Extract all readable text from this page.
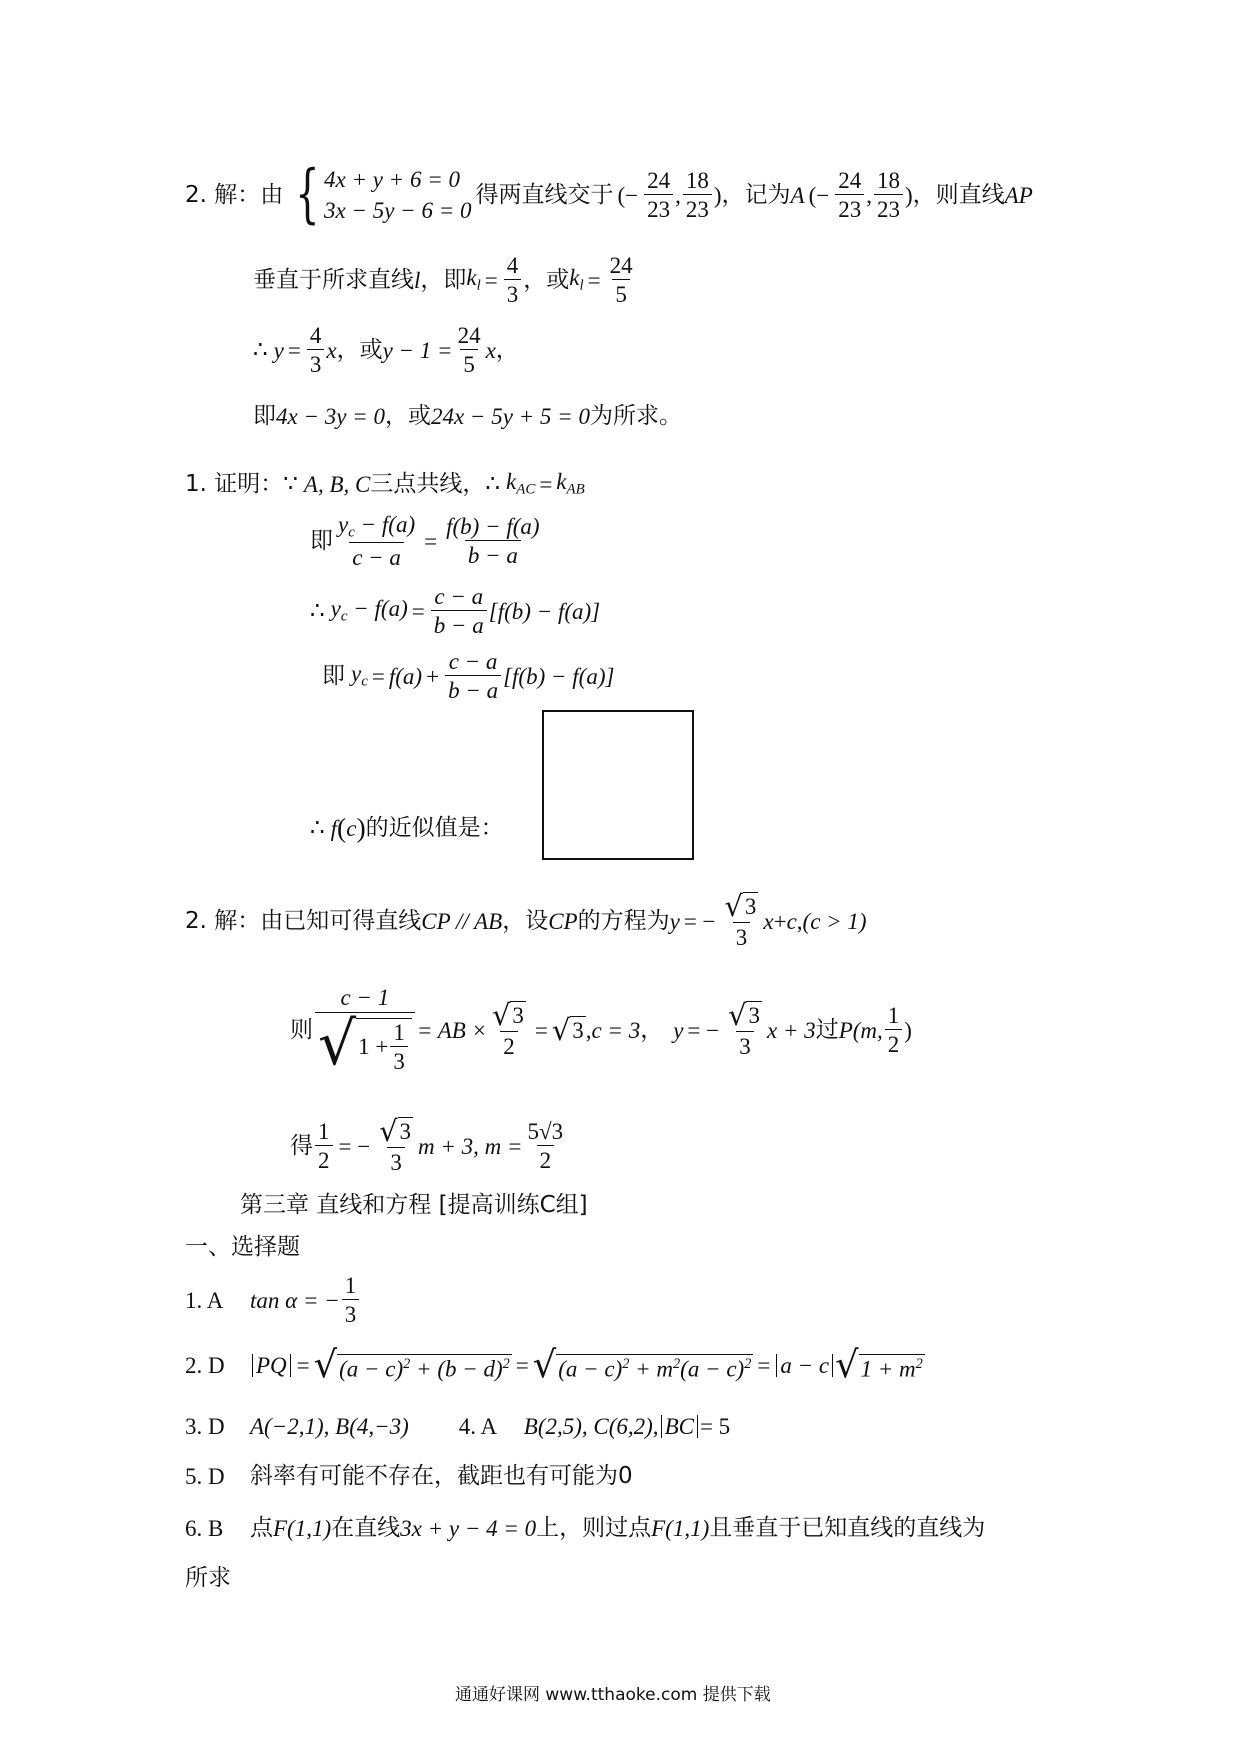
2. 解：由 { 4x + y + 6 = 0
3x − 5y − 6 = 0
得两直线交于 (− $\frac{24}{23}$ , $\frac{18}{23}$ ) ，记为 A (− $\frac{24}{23}$ , $\frac{18}{23}$ ) ，则直线 AP
垂直于所求直线 l ，即 $k_l = \frac{4}{3}$ ，或 $k_l = \frac{24}{5}$
∴ $y = \frac{4}{3}$ x ，或 $y - 1 = \frac{24}{5}$ x ，
即 4x − 3y = 0 ，或 24x − 5y + 5 = 0 为所求。
1. 证明： ∵ A, B, C 三点共线， ∴ $k_{AC} = k_{AB}$
即 $\frac{y_c - f(a)}{c - a} = \frac{f(b) - f(a)}{b - a}$
∴ $y_c - f(a) = \frac{c - a}{b - a} [f(b) - f(a)]$
即 $y_c = f(a) + \frac{c - a}{b - a} [f(b) - f(a)]$
∴ f ( c ) 的近似值是：
2. 解：由已知可得直线 CP // AB ，设 CP 的方程为 y = − $\frac{√ 3}{3}$ x + c , (c > 1)
则 $\frac{c - 1}{√ 1 + \frac{1}{3}}$ = AB × $\frac{√ 3}{2}$ = √ 3 , c = 3 ， y = − $\frac{√ 3}{3}$ x + 3 过 P(m, $\frac{1}{2}$ )
得 $\frac{1}{2}$ = − $\frac{√ 3}{3}$ m + 3, $m = \frac{5√3}{2}$
第三章 直线和方程 [提高训练C组]
一、选择题
1. A	tan α = − $\frac{1}{3}$
2. D	PQ = √ $(a - c)^2 + (b - d)^2$ = √ $(a - c)^2 + m^2(a - c)^2 = a - c$ √ $1 + m^2$
3. D	A(−2,1), B(4,−3) 4. A	B(2,5), C(6,2), BC = 5
5. D	斜率有可能不存在，截距也有可能为0
6. B	点 F(1,1) 在直线 3x + y − 4 = 0 上，则过点 F(1,1) 且垂直于已知直线的直线为
所求
通通好课网 www.tthaoke.com 提供下载
